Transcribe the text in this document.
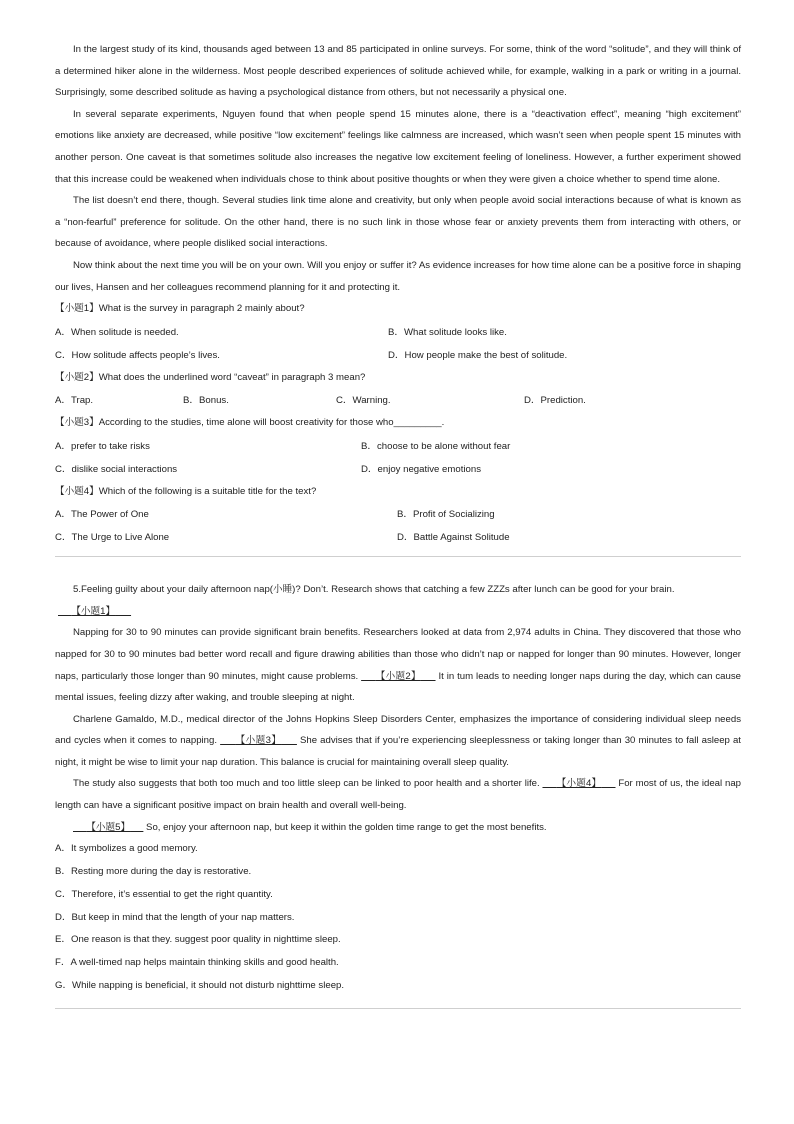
In the largest study of its kind, thousands aged between 13 and 85 participated in online surveys. For some, think of the word “solitude”, and they will think of a determined hiker alone in the wilderness. Most people described experiences of solitude achieved while, for example, walking in a park or writing in a journal. Surprisingly, some described solitude as having a psychological distance from others, but not necessarily a physical one.

In several separate experiments, Nguyen found that when people spend 15 minutes alone, there is a “deactivation effect”, meaning “high excitement” emotions like anxiety are decreased, while positive “low excitement” feelings like calmness are increased, which wasn’t seen when people spent 15 minutes with another person. One caveat is that sometimes solitude also increases the negative low excitement feeling of loneliness. However, a further experiment showed that this increase could be weakened when individuals chose to think about positive thoughts or when they were given a choice whether to spend time alone.

The list doesn’t end there, though. Several studies link time alone and creativity, but only when people avoid social interactions because of what is known as a “non-fearful” preference for solitude. On the other hand, there is no such link in those whose fear or anxiety prevents them from interacting with others, or because of avoidance, where people disliked social interactions.

Now think about the next time you will be on your own. Will you enjoy or suffer it? As evidence increases for how time alone can be a positive force in shaping our lives, Hansen and her colleagues recommend planning for it and protecting it.

【小题1】What is the survey in paragraph 2 mainly about?

A．When solitude is needed.	B．What solitude looks like.
C．How solitude affects people’s lives.	D．How people make the best of solitude.

【小题2】What does the underlined word “caveat” in paragraph 3 mean?

A．Trap.	B．Bonus.	C．Warning.	D．Prediction.

【小题3】According to the studies, time alone will boost creativity for those who_________.

A．prefer to take risks	B．choose to be alone without fear
C．dislike social interactions	D．enjoy negative emotions

【小题4】Which of the following is a suitable title for the text?

A．The Power of One	B．Profit of Socializing
C．The Urge to Live Alone	D．Battle Against Solitude

5.Feeling guilty about your daily afternoon nap(小睡)? Don’t. Research shows that catching a few ZZZs after lunch can be good for your brain.

【小题1】

Napping for 30 to 90 minutes can provide significant brain benefits. Researchers looked at data from 2,974 adults in China. They discovered that those who napped for 30 to 90 minutes bad better word recall and figure drawing abilities than those who didn’t nap or napped for longer than 90 minutes. However, longer naps, particularly those longer than 90 minutes, might cause problems. 【小题2】 It in tum leads to needing longer naps during the day, which can cause mental issues, feeling dizzy after waking, and trouble sleeping at night.

Charlene Gamaldo, M.D., medical director of the Johns Hopkins Sleep Disorders Center, emphasizes the importance of considering individual sleep needs and cycles when it comes to napping. 【小题3】 She advises that if you’re experiencing sleeplessness or taking longer than 30 minutes to fall asleep at night, it might be wise to limit your nap duration. This balance is crucial for maintaining overall sleep quality.

The study also suggests that both too much and too little sleep can be linked to poor health and a shorter life. 【小题4】 For most of us, the ideal nap length can have a significant positive impact on brain health and overall well-being.

【小题5】 So, enjoy your afternoon nap, but keep it within the golden time range to get the most benefits.

A．It symbolizes a good memory.

B．Resting more during the day is restorative.

C．Therefore, it’s essential to get the right quantity.

D．But keep in mind that the length of your nap matters.

E．One reason is that they. suggest poor quality in nighttime sleep.

F．A well-timed nap helps maintain thinking skills and good health.

G．While napping is beneficial, it should not disturb nighttime sleep.
